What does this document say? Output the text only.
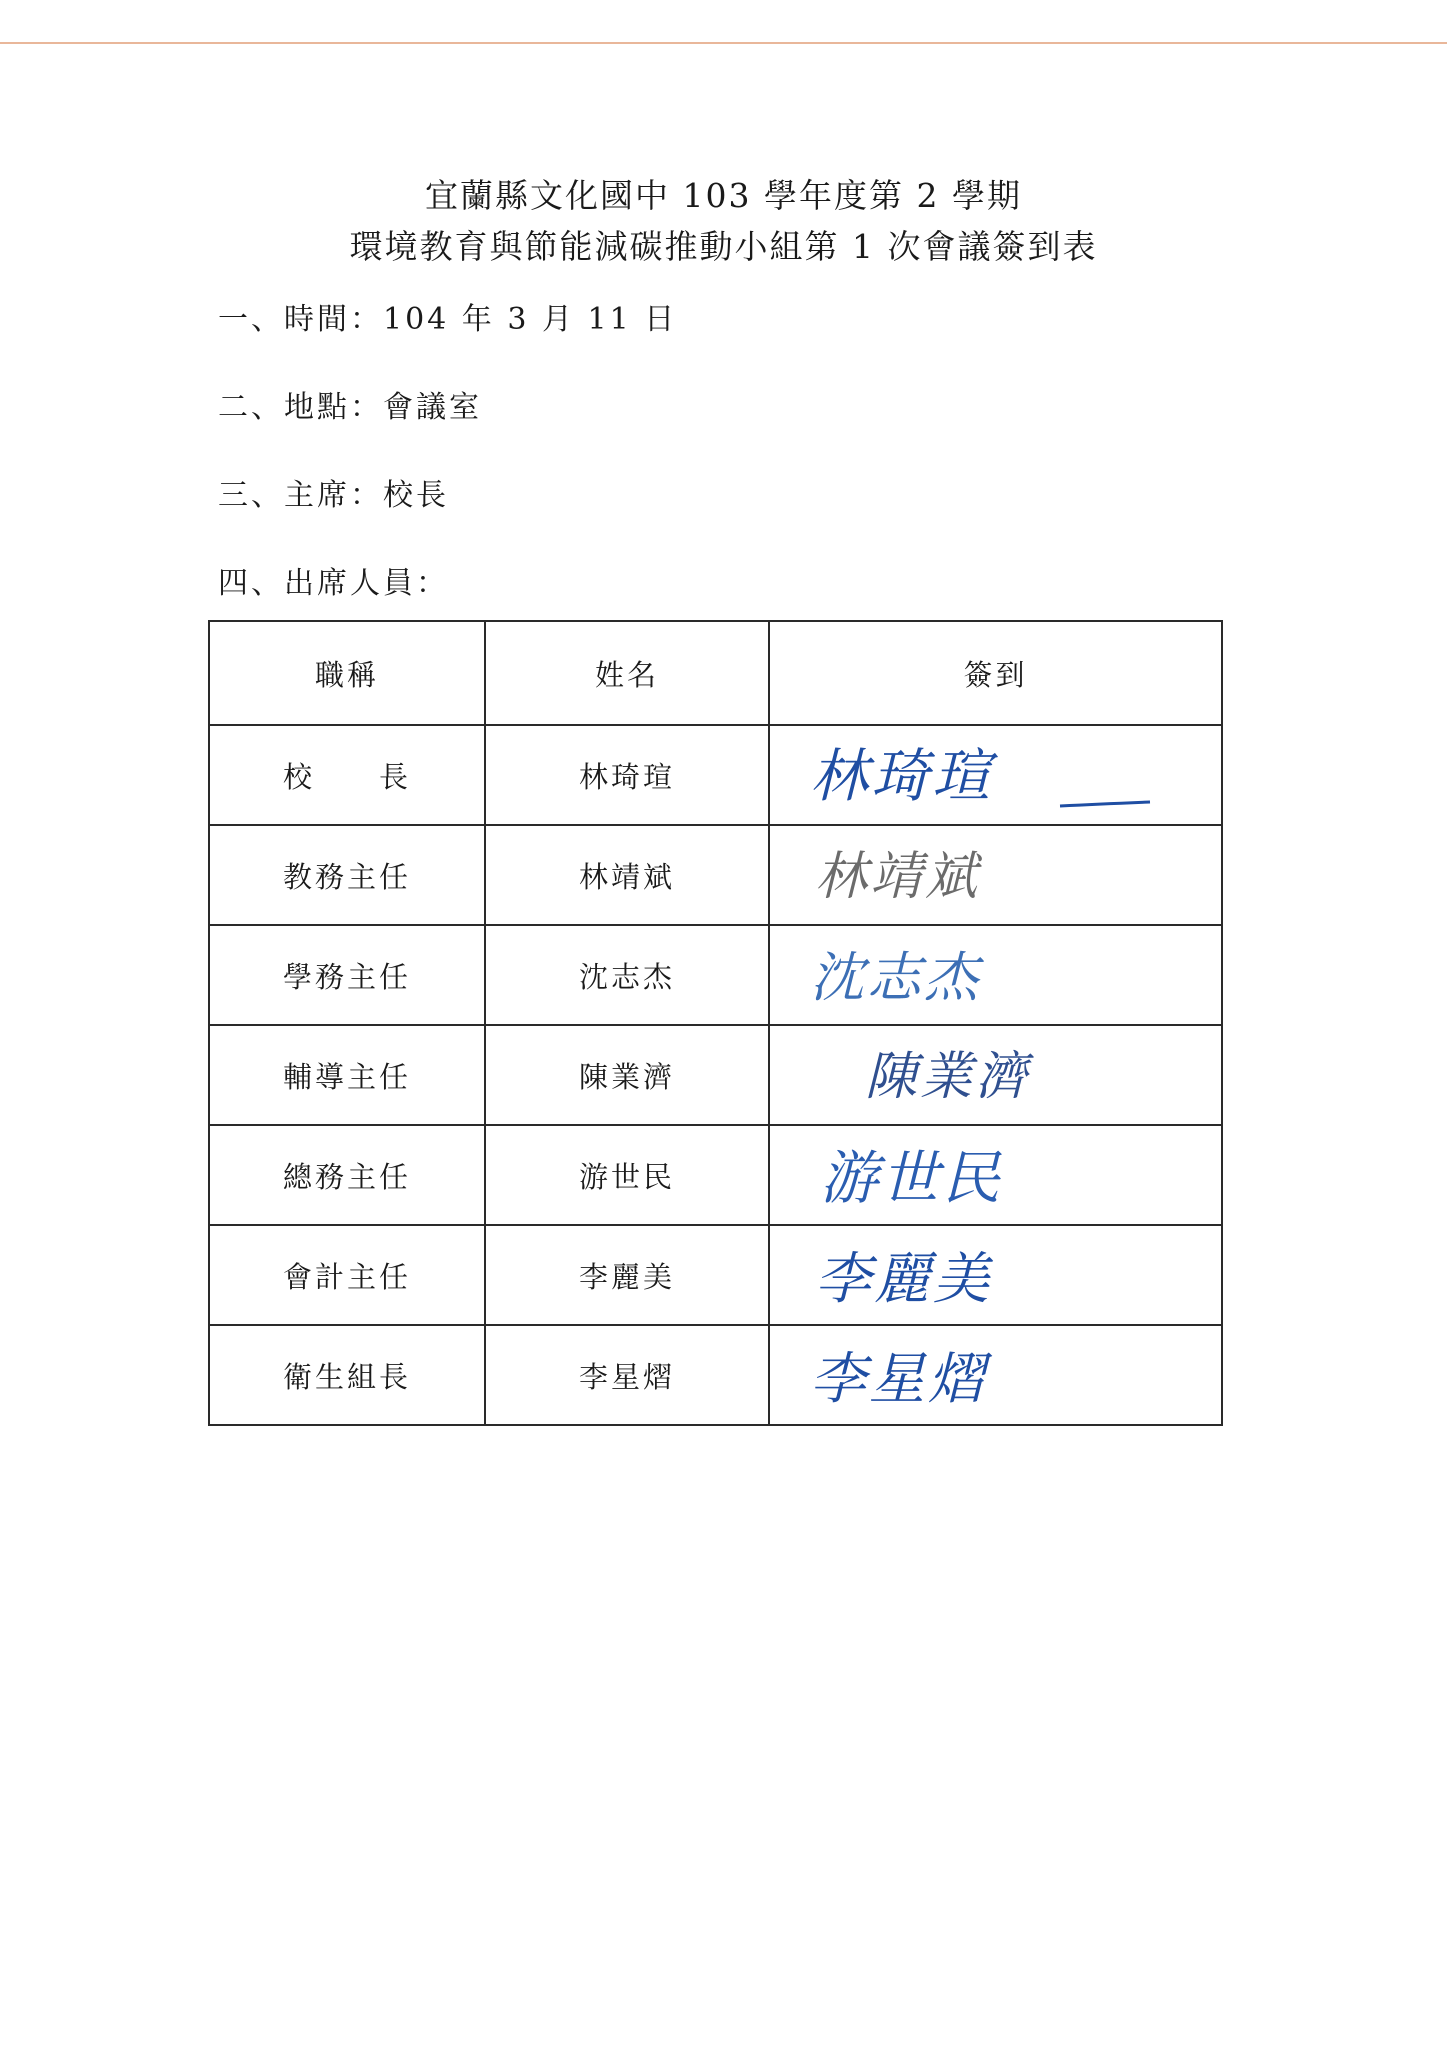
宜蘭縣文化國中 103 學年度第 2 學期
環境教育與節能減碳推動小組第 1 次會議簽到表

一、時間：104 年 3 月 11 日

二、地點：會議室

三、主席：校長

四、出席人員：

職稱	姓名	簽到
校　　長	林琦瑄	林琦瑄

教務主任	林靖斌	林靖斌

學務主任	沈志杰	沈志杰

輔導主任	陳業濟	陳業濟

總務主任	游世民	游世民

會計主任	李麗美	李麗美

衛生組長	李星熠	李星熠
